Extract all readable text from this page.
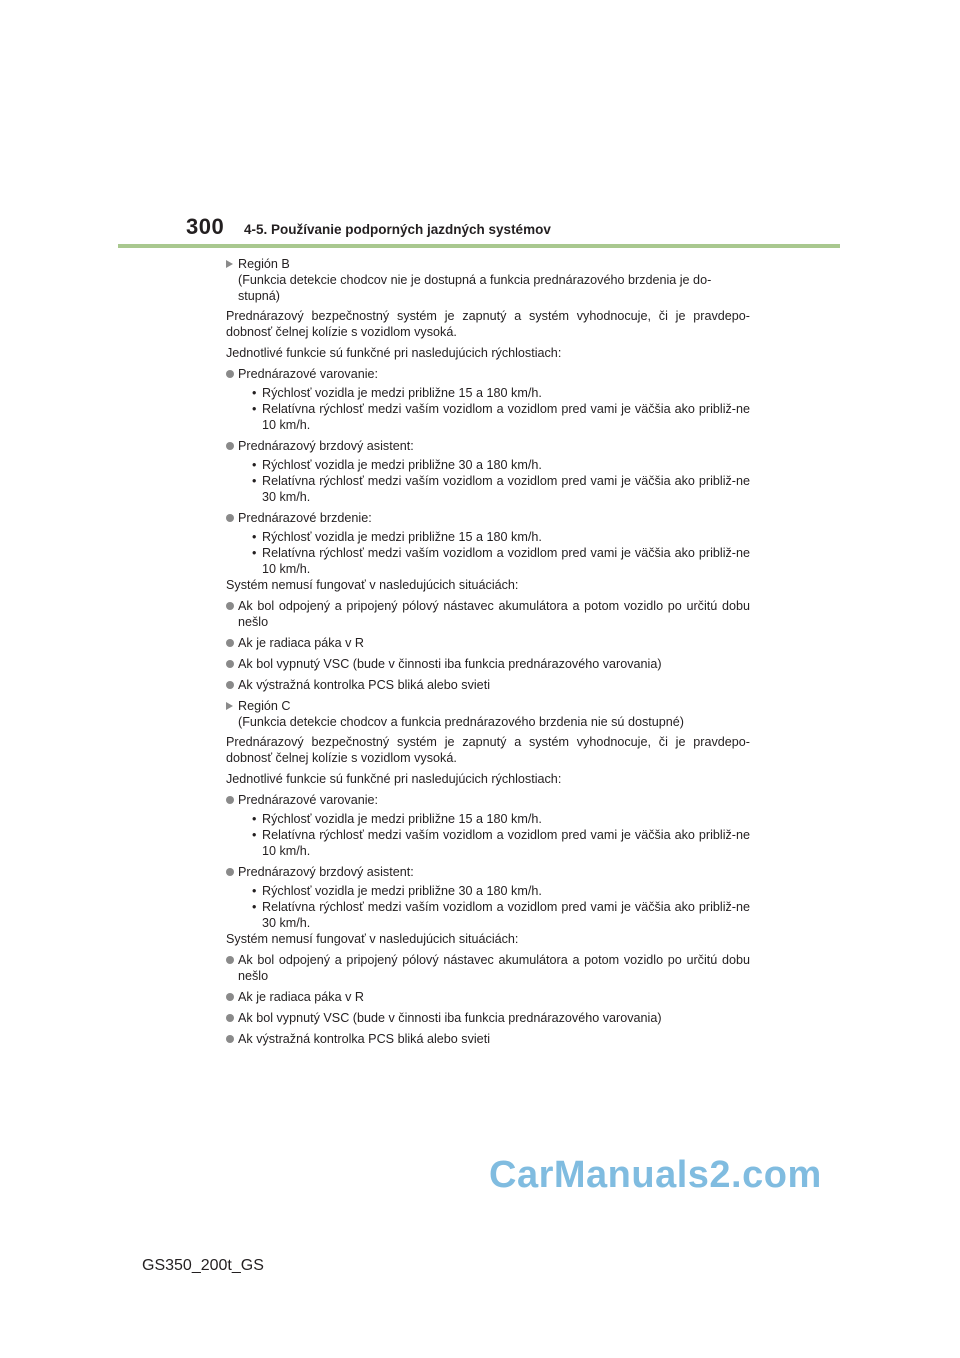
300 4-5. Používanie podporných jazdných systémov
Región B
(Funkcia detekcie chodcov nie je dostupná a funkcia prednárazového brzdenia je do-stupná)

Prednárazový bezpečnostný systém je zapnutý a systém vyhodnocuje, či je pravdepo-dobnosť čelnej kolízie s vozidlom vysoká.

Jednotlivé funkcie sú funkčné pri nasledujúcich rýchlostiach:

Prednárazové varovanie:
• Rýchlosť vozidla je medzi približne 15 a 180 km/h.
• Relatívna rýchlosť medzi vaším vozidlom a vozidlom pred vami je väčšia ako približ-ne 10 km/h.
Prednárazový brzdový asistent:
• Rýchlosť vozidla je medzi približne 30 a 180 km/h.
• Relatívna rýchlosť medzi vaším vozidlom a vozidlom pred vami je väčšia ako približ-ne 30 km/h.
Prednárazové brzdenie:
• Rýchlosť vozidla je medzi približne 15 a 180 km/h.
• Relatívna rýchlosť medzi vaším vozidlom a vozidlom pred vami je väčšia ako približ-ne 10 km/h.

Systém nemusí fungovať v nasledujúcich situáciách:

Ak bol odpojený a pripojený pólový nástavec akumulátora a potom vozidlo po určitú dobu nešlo
Ak je radiaca páka v R
Ak bol vypnutý VSC (bude v činnosti iba funkcia prednárazového varovania)
Ak výstražná kontrolka PCS bliká alebo svieti
Región C
(Funkcia detekcie chodcov a funkcia prednárazového brzdenia nie sú dostupné)

Prednárazový bezpečnostný systém je zapnutý a systém vyhodnocuje, či je pravdepo-dobnosť čelnej kolízie s vozidlom vysoká.

Jednotlivé funkcie sú funkčné pri nasledujúcich rýchlostiach:

Prednárazové varovanie:
• Rýchlosť vozidla je medzi približne 15 a 180 km/h.
• Relatívna rýchlosť medzi vaším vozidlom a vozidlom pred vami je väčšia ako približ-ne 10 km/h.
Prednárazový brzdový asistent:
• Rýchlosť vozidla je medzi približne 30 a 180 km/h.
• Relatívna rýchlosť medzi vaším vozidlom a vozidlom pred vami je väčšia ako približ-ne 30 km/h.

Systém nemusí fungovať v nasledujúcich situáciách:

Ak bol odpojený a pripojený pólový nástavec akumulátora a potom vozidlo po určitú dobu nešlo
Ak je radiaca páka v R
Ak bol vypnutý VSC (bude v činnosti iba funkcia prednárazového varovania)
Ak výstražná kontrolka PCS bliká alebo svieti
CarManuals2.com
GS350_200t_GS
